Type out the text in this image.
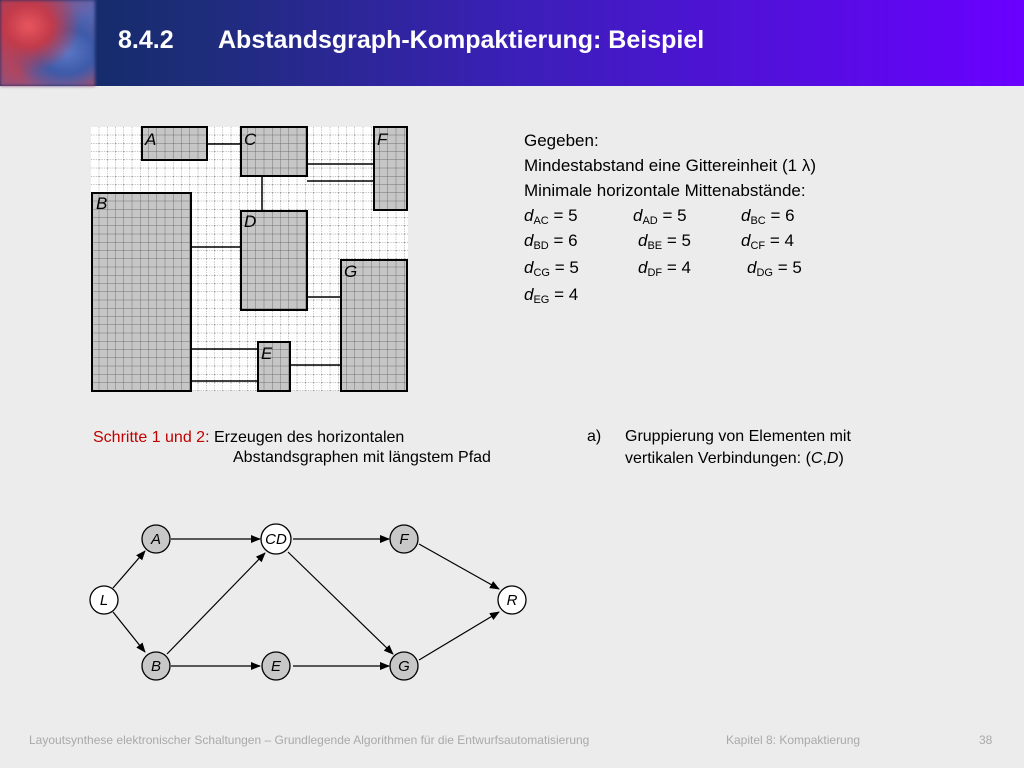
8.4.2 Abstandsgraph-Kompaktierung: Beispiel
A
B
C
D
E
F
G
L
A
B
CD
E
F
G
R
Gegeben:
Mindestabstand eine Gittereinheit (1 λ)
Minimale horizontale Mittenabstände:
$d_{AC} = 5$	$d_{AD} = 5$	$d_{BC} = 6$
$d_{BD} = 6$	$d_{BE} = 5$	$d_{CF} = 4$
$d_{CG} = 5$	$d_{DF} = 4$	$d_{DG} = 5$
$d_{EG} = 4$
Schritte 1 und 2: Erzeugen des horizontalen
Abstandsgraphen mit längstem Pfad
a) Gruppierung von Elementen mit
vertikalen Verbindungen: (C,D)
Layoutsynthese elektronischer Schaltungen – Grundlegende Algorithmen für die Entwurfsautomatisierung	Kapitel 8: Kompaktierung	38
